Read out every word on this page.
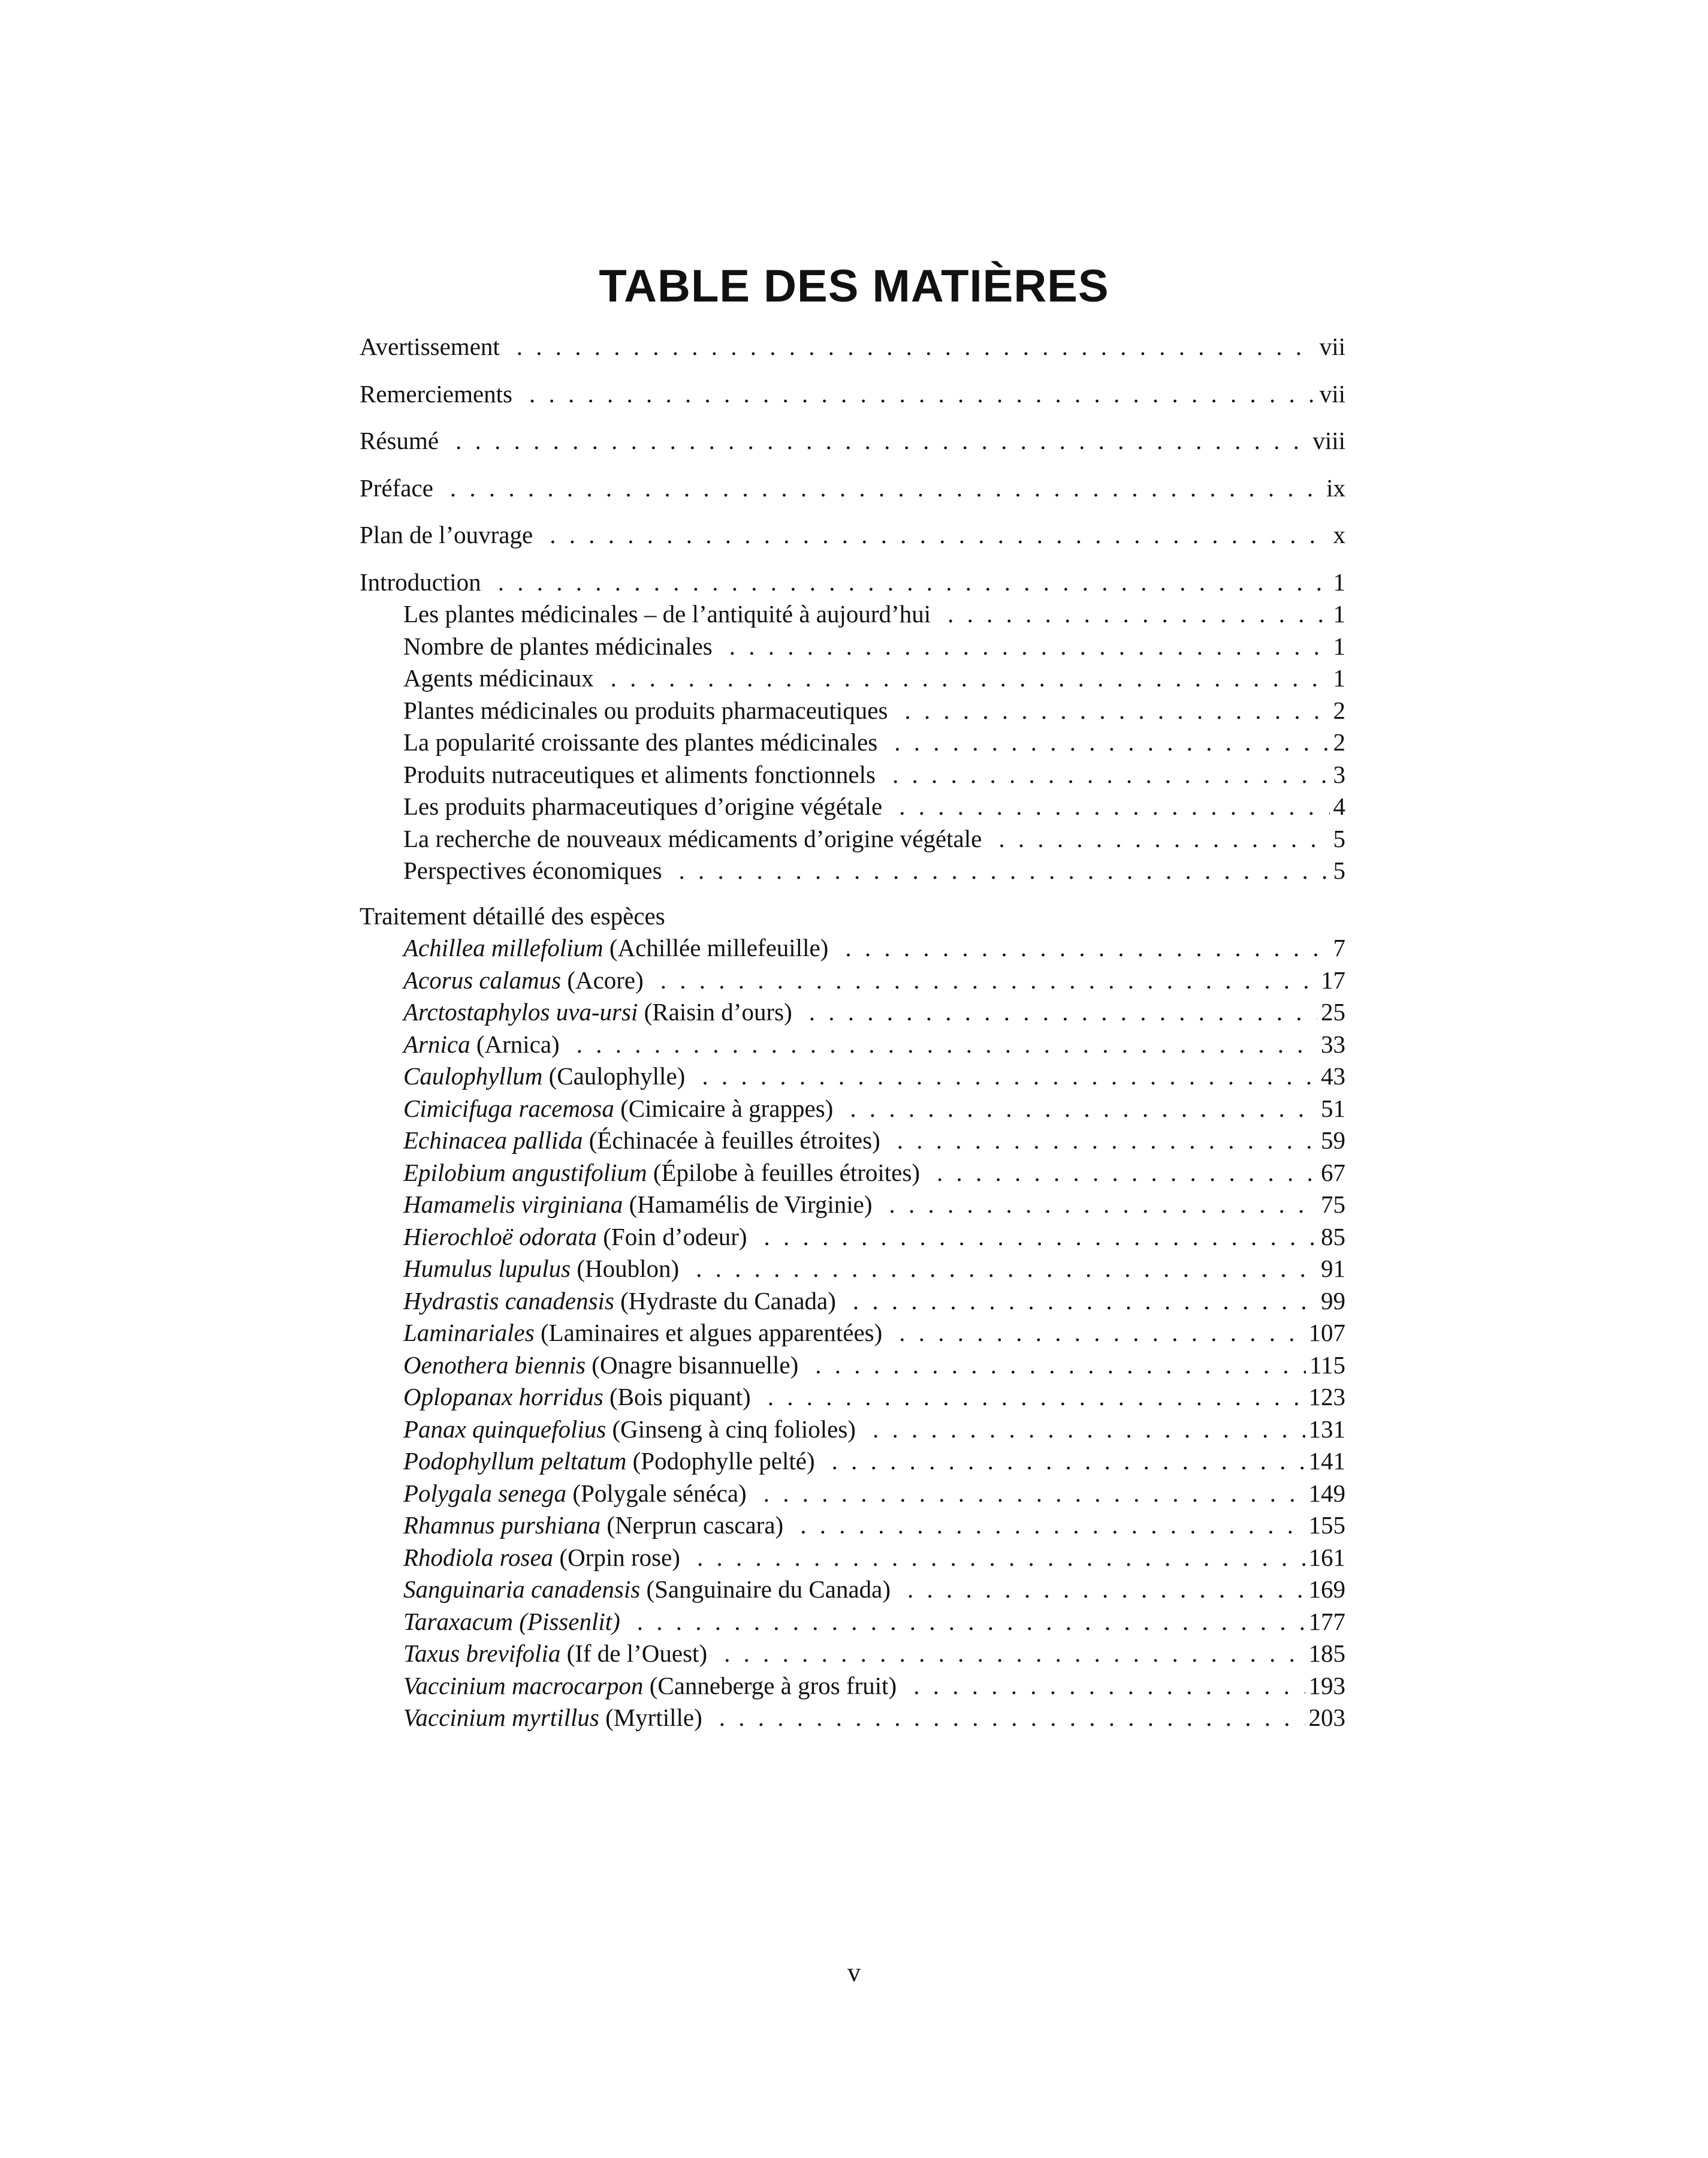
TABLE DES MATIÈRES
Avertissement . . .	vii
Remerciements . . .	vii
Résumé . . .	viii
Préface . . .	ix
Plan de l’ouvrage . . .	x
Introduction . . .	1
Les plantes médicinales – de l’antiquité à aujourd’hui . . .	1
Nombre de plantes médicinales . . .	1
Agents médicinaux . . .	1
Plantes médicinales ou produits pharmaceutiques . . .	2
La popularité croissante des plantes médicinales . . .	2
Produits nutraceutiques et aliments fonctionnels . . .	3
Les produits pharmaceutiques d’origine végétale . . .	4
La recherche de nouveaux médicaments d’origine végétale . . .	5
Perspectives économiques . . .	5
Traitement détaillé des espèces
Achillea millefolium (Achillée millefeuille) . . .	7
Acorus calamus (Acore) . . .	17
Arctostaphylos uva-ursi (Raisin d’ours) . . .	25
Arnica (Arnica) . . .	33
Caulophyllum (Caulophylle) . . .	43
Cimicifuga racemosa (Cimicaire à grappes) . . .	51
Echinacea pallida (Échinacée à feuilles étroites) . . .	59
Epilobium angustifolium (Épilobe à feuilles étroites) . . .	67
Hamamelis virginiana (Hamamélis de Virginie) . . .	75
Hierochloë odorata (Foin d’odeur) . . .	85
Humulus lupulus (Houblon) . . .	91
Hydrastis canadensis (Hydraste du Canada) . . .	99
Laminariales (Laminaires et algues apparentées) . . .	107
Oenothera biennis (Onagre bisannuelle) . . .	115
Oplopanax horridus (Bois piquant) . . .	123
Panax quinquefolius (Ginseng à cinq folioles) . . .	131
Podophyllum peltatum (Podophylle pelté) . . .	141
Polygala senega (Polygale sénéca) . . .	149
Rhamnus purshiana (Nerprun cascara) . . .	155
Rhodiola rosea (Orpin rose) . . .	161
Sanguinaria canadensis (Sanguinaire du Canada) . . .	169
Taraxacum (Pissenlit) . . .	177
Taxus brevifolia (If de l’Ouest) . . .	185
Vaccinium macrocarpon (Canneberge à gros fruit) . . .	193
Vaccinium myrtillus (Myrtille) . . .	203
v
